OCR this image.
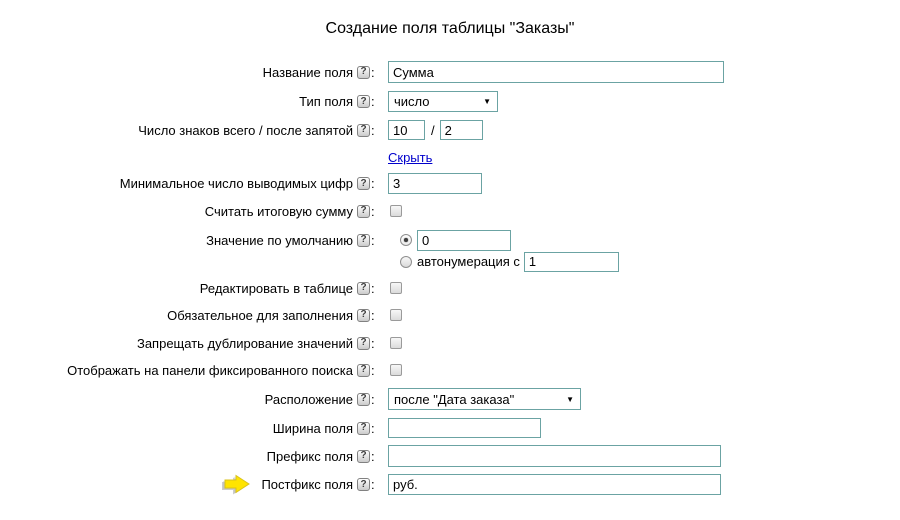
Создание поля таблицы "Заказы"
Название поля ? :
Сумма
Тип поля ? : число	▼
Число знаков всего / после запятой ? :
10	/
2
Скрыть
Минимальное число выводимых цифр ? :
3
Считать итоговую сумму ? :
Значение по умолчанию ? :
0
автонумерация с
1
Редактировать в таблице ? :
Обязательное для заполнения ? :
Запрещать дублирование значений ? :
Отображать на панели фиксированного поиска ? :
Расположение ? : после "Дата заказа"	▼
Ширина поля ? :
Префикс поля ? :
Постфикс поля ? :
руб.
